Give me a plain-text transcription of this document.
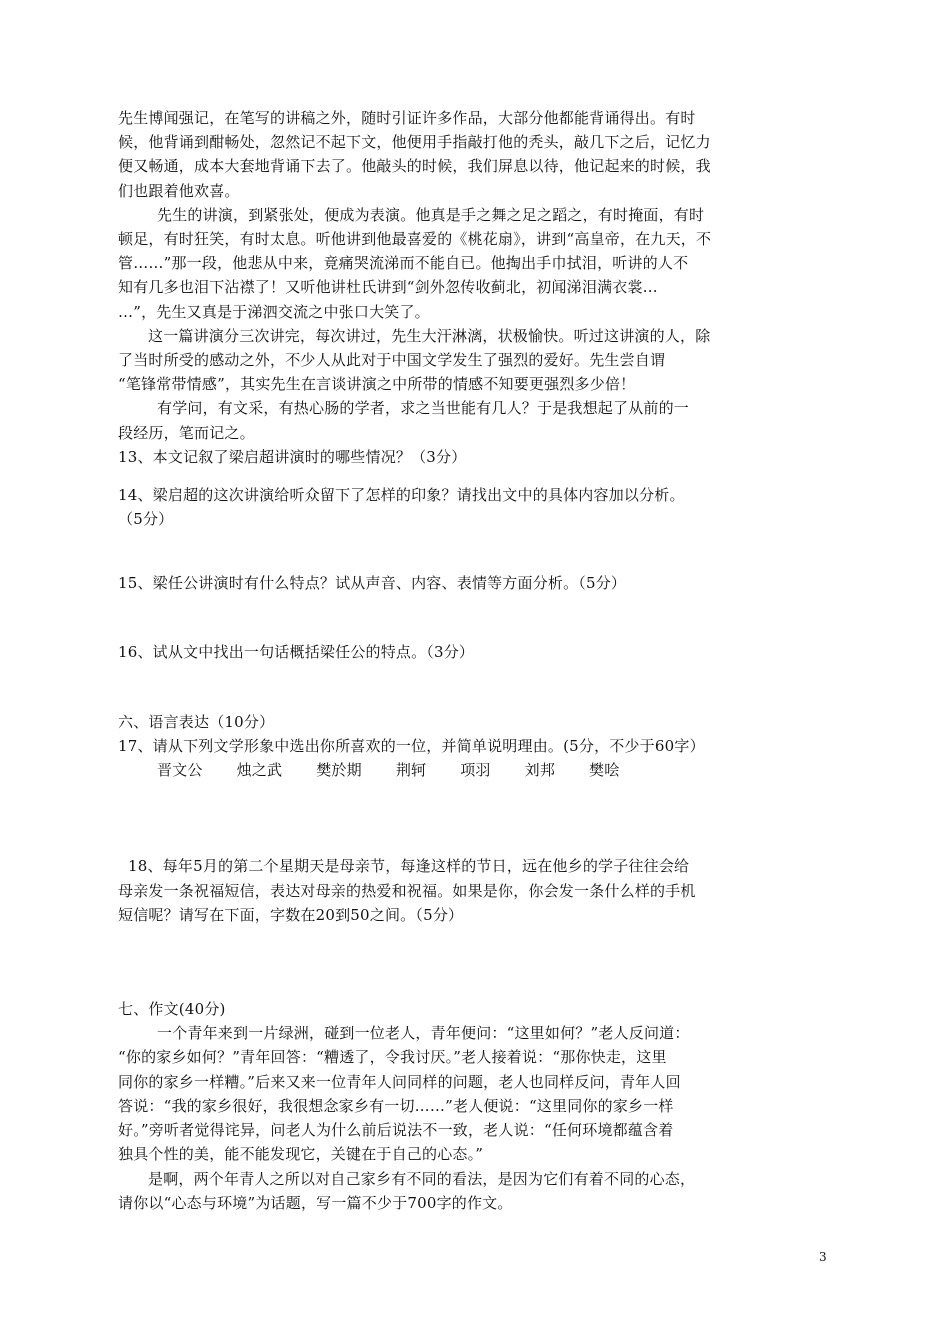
先生博闻强记，在笔写的讲稿之外，随时引证许多作品，大部分他都能背诵得出。有时
候，他背诵到酣畅处，忽然记不起下文，他便用手指敲打他的秃头，敲几下之后，记忆力
便又畅通，成本大套地背诵下去了。他敲头的时候，我们屏息以待，他记起来的时候，我
们也跟着他欢喜。
先生的讲演，到紧张处，便成为表演。他真是手之舞之足之蹈之，有时掩面，有时
顿足，有时狂笑，有时太息。听他讲到他最喜爱的《桃花扇》，讲到“高皇帝，在九天，不
管……”那一段，他悲从中来，竟痛哭流涕而不能自已。他掏出手巾拭泪，听讲的人不
知有几多也泪下沾襟了！又听他讲杜氏讲到“剑外忽传收蓟北，初闻涕泪满衣裳…
…”，先生又真是于涕泗交流之中张口大笑了。
这一篇讲演分三次讲完，每次讲过，先生大汗淋漓，状极愉快。听过这讲演的人，除
了当时所受的感动之外，不少人从此对于中国文学发生了强烈的爱好。先生尝自谓
“笔锋常带情感”，其实先生在言谈讲演之中所带的情感不知要更强烈多少倍！
有学问，有文采，有热心肠的学者，求之当世能有几人？于是我想起了从前的一
段经历，笔而记之。
13、本文记叙了梁启超讲演时的哪些情况？（3分）
14、梁启超的这次讲演给听众留下了怎样的印象？请找出文中的具体内容加以分析。
（5分）
15、梁任公讲演时有什么特点？试从声音、内容、表情等方面分析。（5分）
16、试从文中找出一句话概括梁任公的特点。（3分）
六、语言表达（10分）
17、请从下列文学形象中选出你所喜欢的一位，并简单说明理由。(5分，不少于60字）
晋文公 烛之武 樊於期 荆轲 项羽 刘邦 樊哙
18、每年5月的第二个星期天是母亲节，每逢这样的节日，远在他乡的学子往往会给
母亲发一条祝福短信，表达对母亲的热爱和祝福。如果是你，你会发一条什么样的手机
短信呢？请写在下面，字数在20到50之间。（5分）
七、作文(40分)
一个青年来到一片绿洲，碰到一位老人，青年便问：“这里如何？”老人反问道：
“你的家乡如何？”青年回答：“糟透了，令我讨厌。”老人接着说：“那你快走，这里
同你的家乡一样糟。”后来又来一位青年人问同样的问题，老人也同样反问，青年人回
答说：“我的家乡很好，我很想念家乡有一切……”老人便说：“这里同你的家乡一样
好。”旁听者觉得诧异，问老人为什么前后说法不一致，老人说：“任何环境都蕴含着
独具个性的美，能不能发现它，关键在于自己的心态。”
是啊，两个年青人之所以对自己家乡有不同的看法，是因为它们有着不同的心态，
请你以“心态与环境”为话题，写一篇不少于700字的作文。
3
